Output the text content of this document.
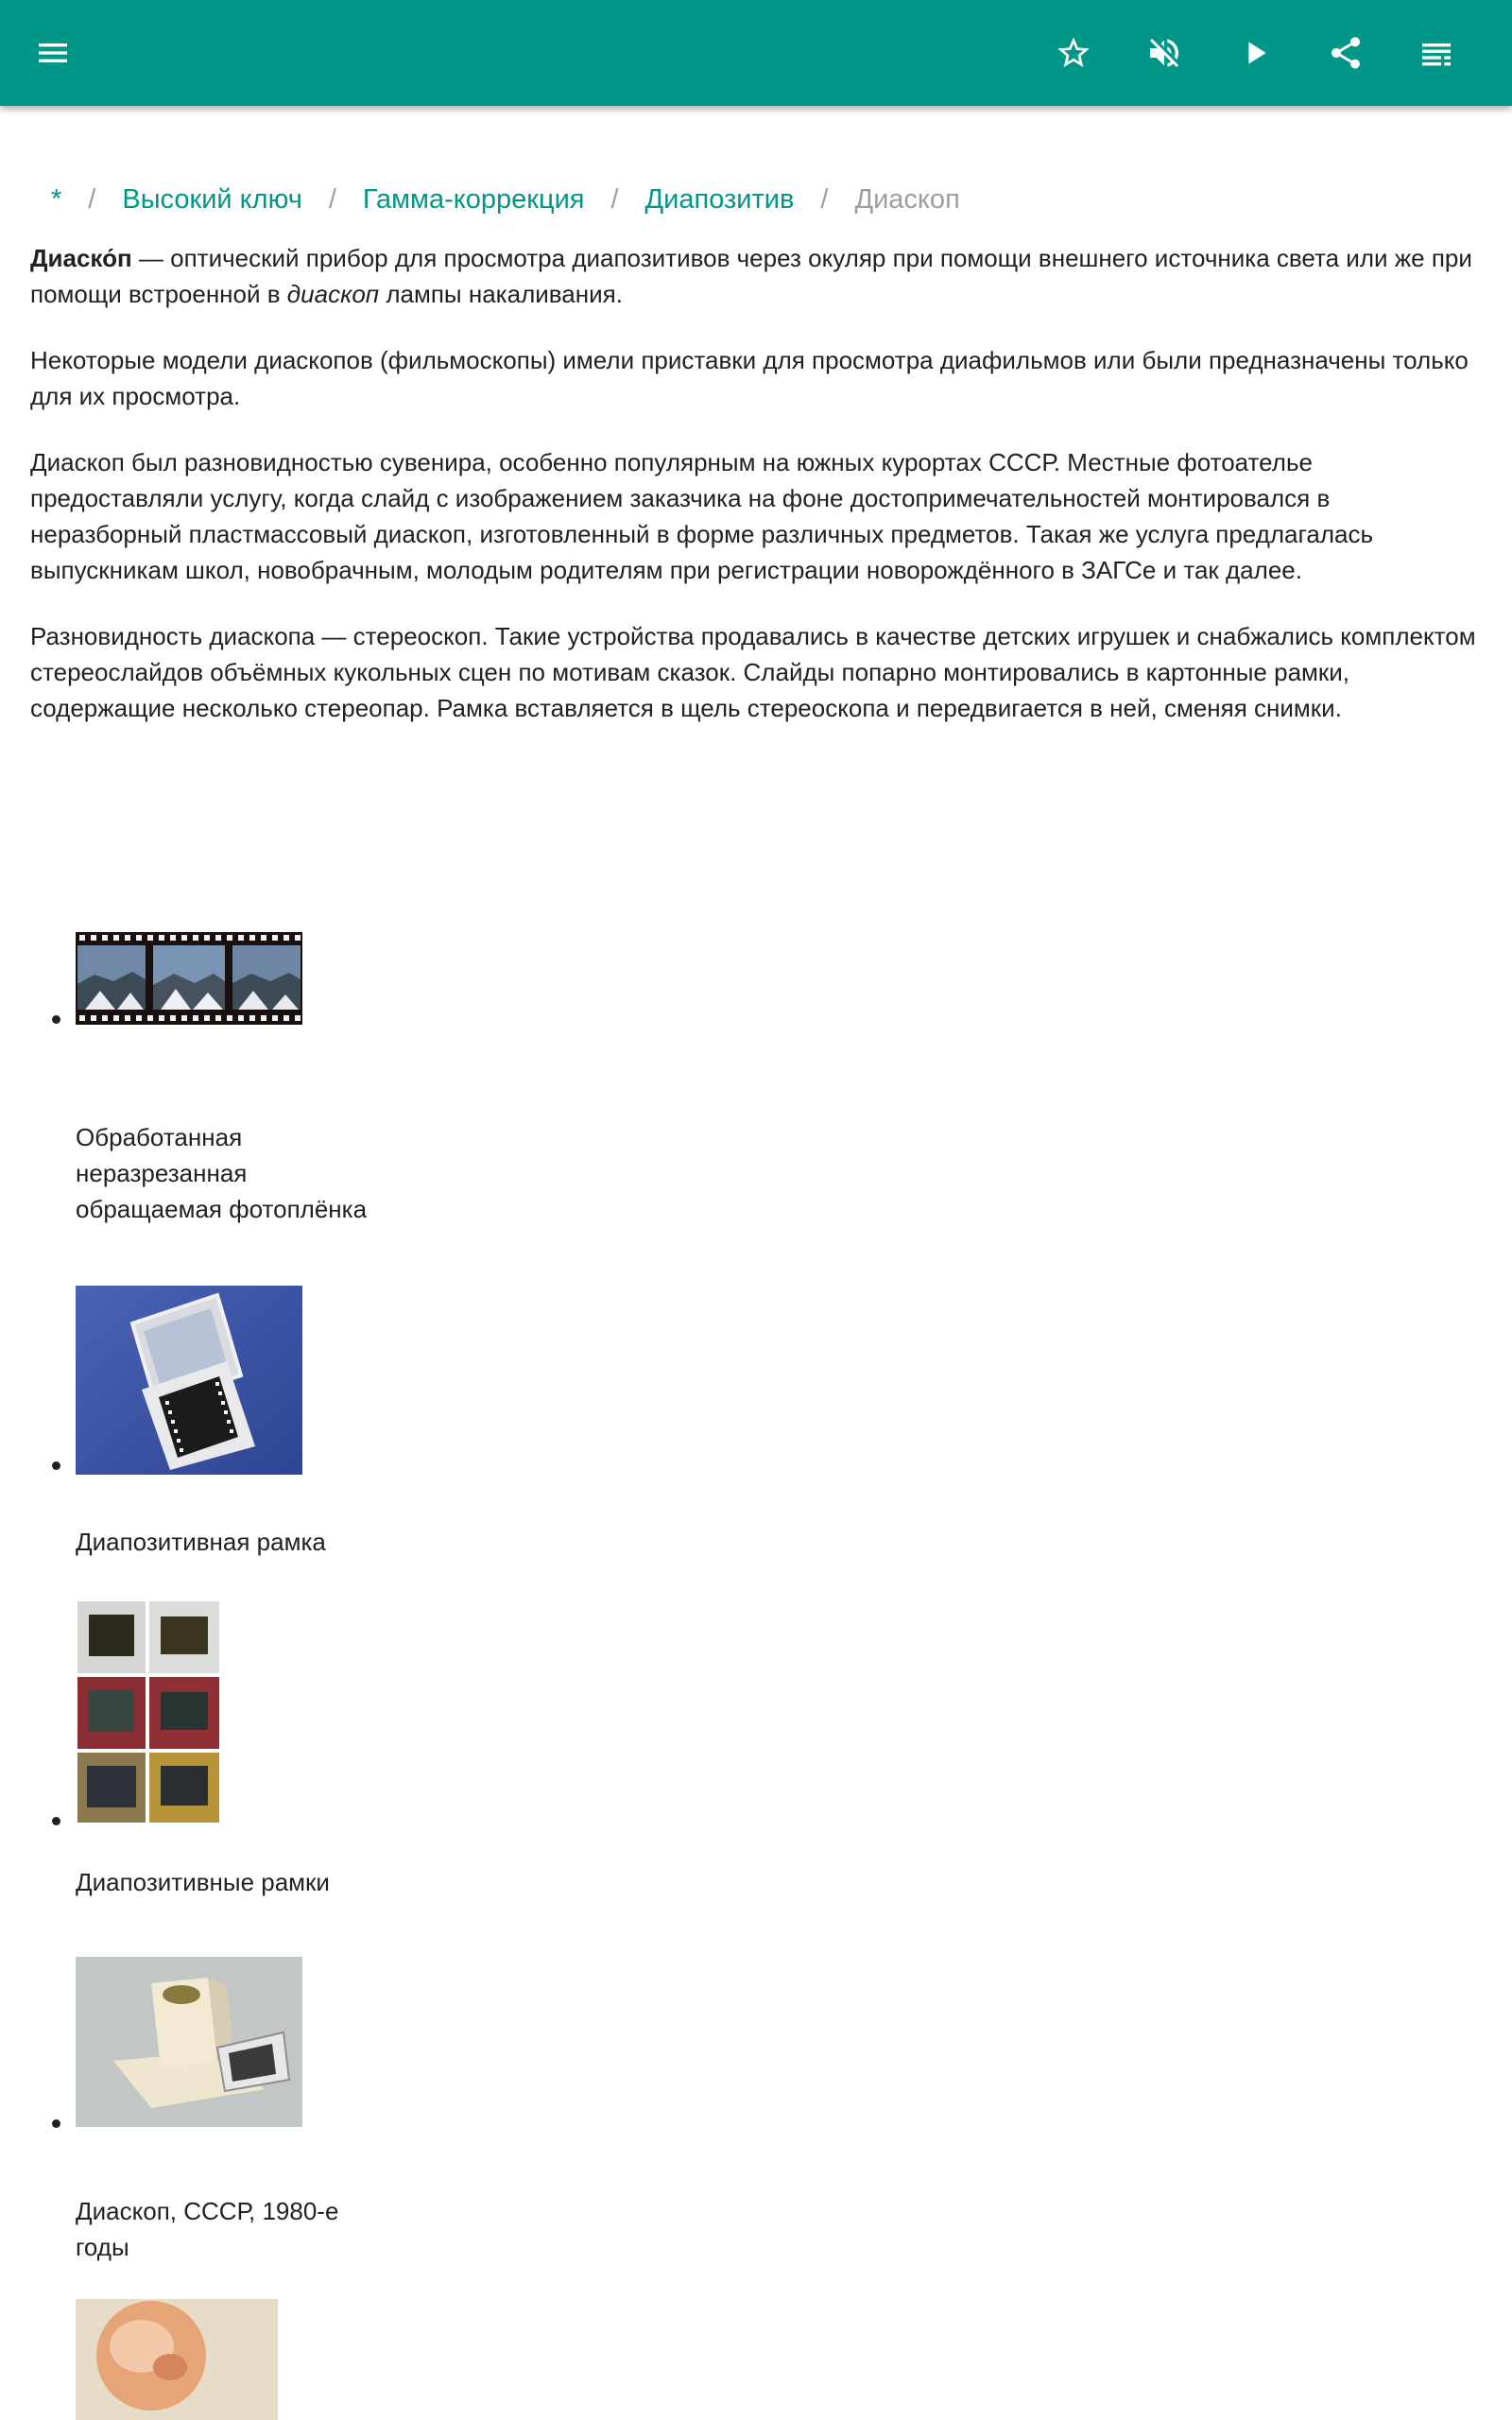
* / Высокий ключ / Гамма-коррекция / Диапозитив / Диаскоп

Диаско́п — оптический прибор для просмотра диапозитивов через окуляр при помощи внешнего источника света или же при помощи встроенной в диаскоп лампы накаливания.

Некоторые модели диаскопов (фильмоскопы) имели приставки для просмотра диафильмов или были предназначены только для их просмотра.

Диаскоп был разновидностью сувенира, особенно популярным на южных курортах СССР. Местные фотоателье предоставляли услугу, когда слайд с изображением заказчика на фоне достопримечательностей монтировался в неразборный пластмассовый диаскоп, изготовленный в форме различных предметов. Такая же услуга предлагалась выпускникам школ, новобрачным, молодым родителям при регистрации новорождённого в ЗАГСе и так далее.

Разновидность диаскопа — стереоскоп. Такие устройства продавались в качестве детских игрушек и снабжались комплектом стереослайдов объёмных кукольных сцен по мотивам сказок. Слайды попарно монтировались в картонные рамки, содержащие несколько стереопар. Рамка вставляется в щель стереоскопа и передвигается в ней, сменяя снимки.

Обработанная неразрезанная обращаемая фотоплёнка
Диапозитивная рамка
Диапозитивные рамки
Диаскоп, СССР, 1980-е годы
